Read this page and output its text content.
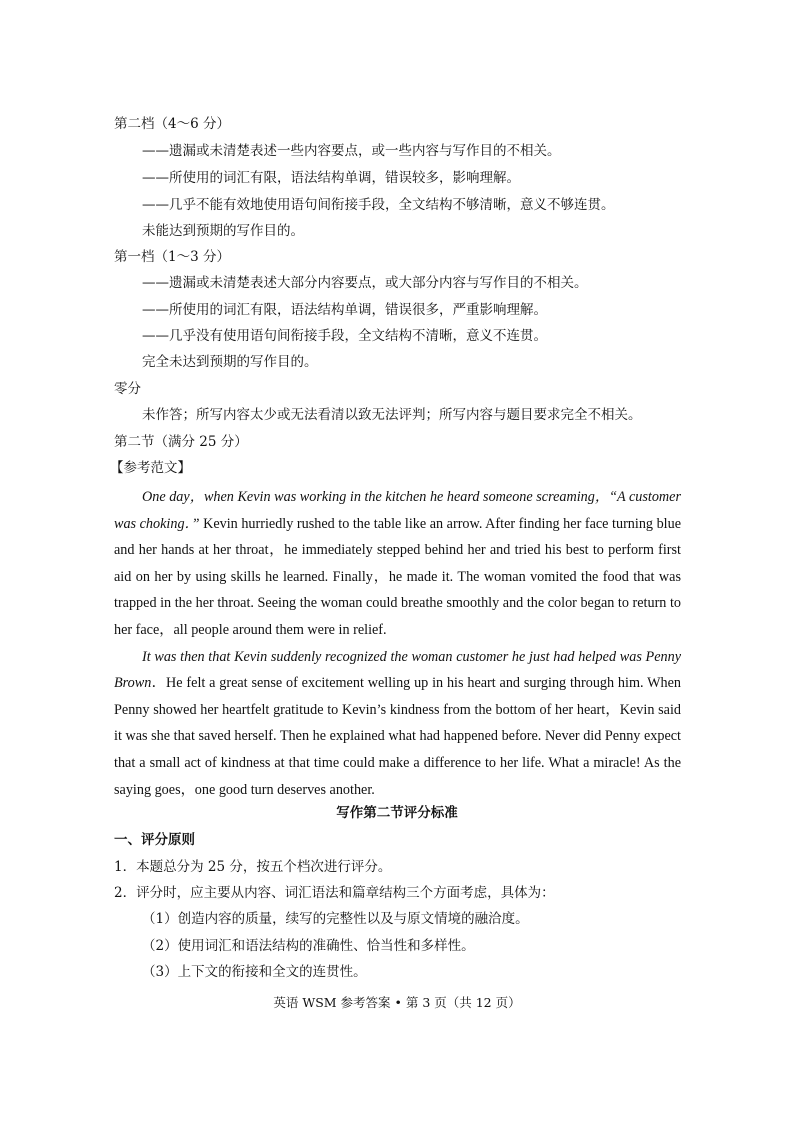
第二档（4～6 分）
——遗漏或未清楚表述一些内容要点，或一些内容与写作目的不相关。
——所使用的词汇有限，语法结构单调，错误较多，影响理解。
——几乎不能有效地使用语句间衔接手段，全文结构不够清晰，意义不够连贯。
未能达到预期的写作目的。
第一档（1～3 分）
——遗漏或未清楚表述大部分内容要点，或大部分内容与写作目的不相关。
——所使用的词汇有限，语法结构单调，错误很多，严重影响理解。
——几乎没有使用语句间衔接手段，全文结构不清晰，意义不连贯。
完全未达到预期的写作目的。
零分
未作答；所写内容太少或无法看清以致无法评判；所写内容与题目要求完全不相关。
第二节（满分 25 分）
【参考范文】

One day，when Kevin was working in the kitchen he heard someone screaming，“A customer was choking．” Kevin hurriedly rushed to the table like an arrow. After finding her face turning blue and her hands at her throat，he immediately stepped behind her and tried his best to perform first aid on her by using skills he learned. Finally，he made it. The woman vomited the food that was trapped in the her throat. Seeing the woman could breathe smoothly and the color began to return to her face，all people around them were in relief.

It was then that Kevin suddenly recognized the woman customer he just had helped was Penny Brown．He felt a great sense of excitement welling up in his heart and surging through him. When Penny showed her heartfelt gratitude to Kevin’s kindness from the bottom of her heart，Kevin said it was she that saved herself. Then he explained what had happened before. Never did Penny expect that a small act of kindness at that time could make a difference to her life. What a miracle! As the saying goes，one good turn deserves another.

写作第二节评分标准
一、评分原则
1．本题总分为 25 分，按五个档次进行评分。
2．评分时，应主要从内容、词汇语法和篇章结构三个方面考虑，具体为：
（1）创造内容的质量，续写的完整性以及与原文情境的融洽度。
（2）使用词汇和语法结构的准确性、恰当性和多样性。
（3）上下文的衔接和全文的连贯性。
英语 WSM 参考答案 • 第 3 页（共 12 页）
